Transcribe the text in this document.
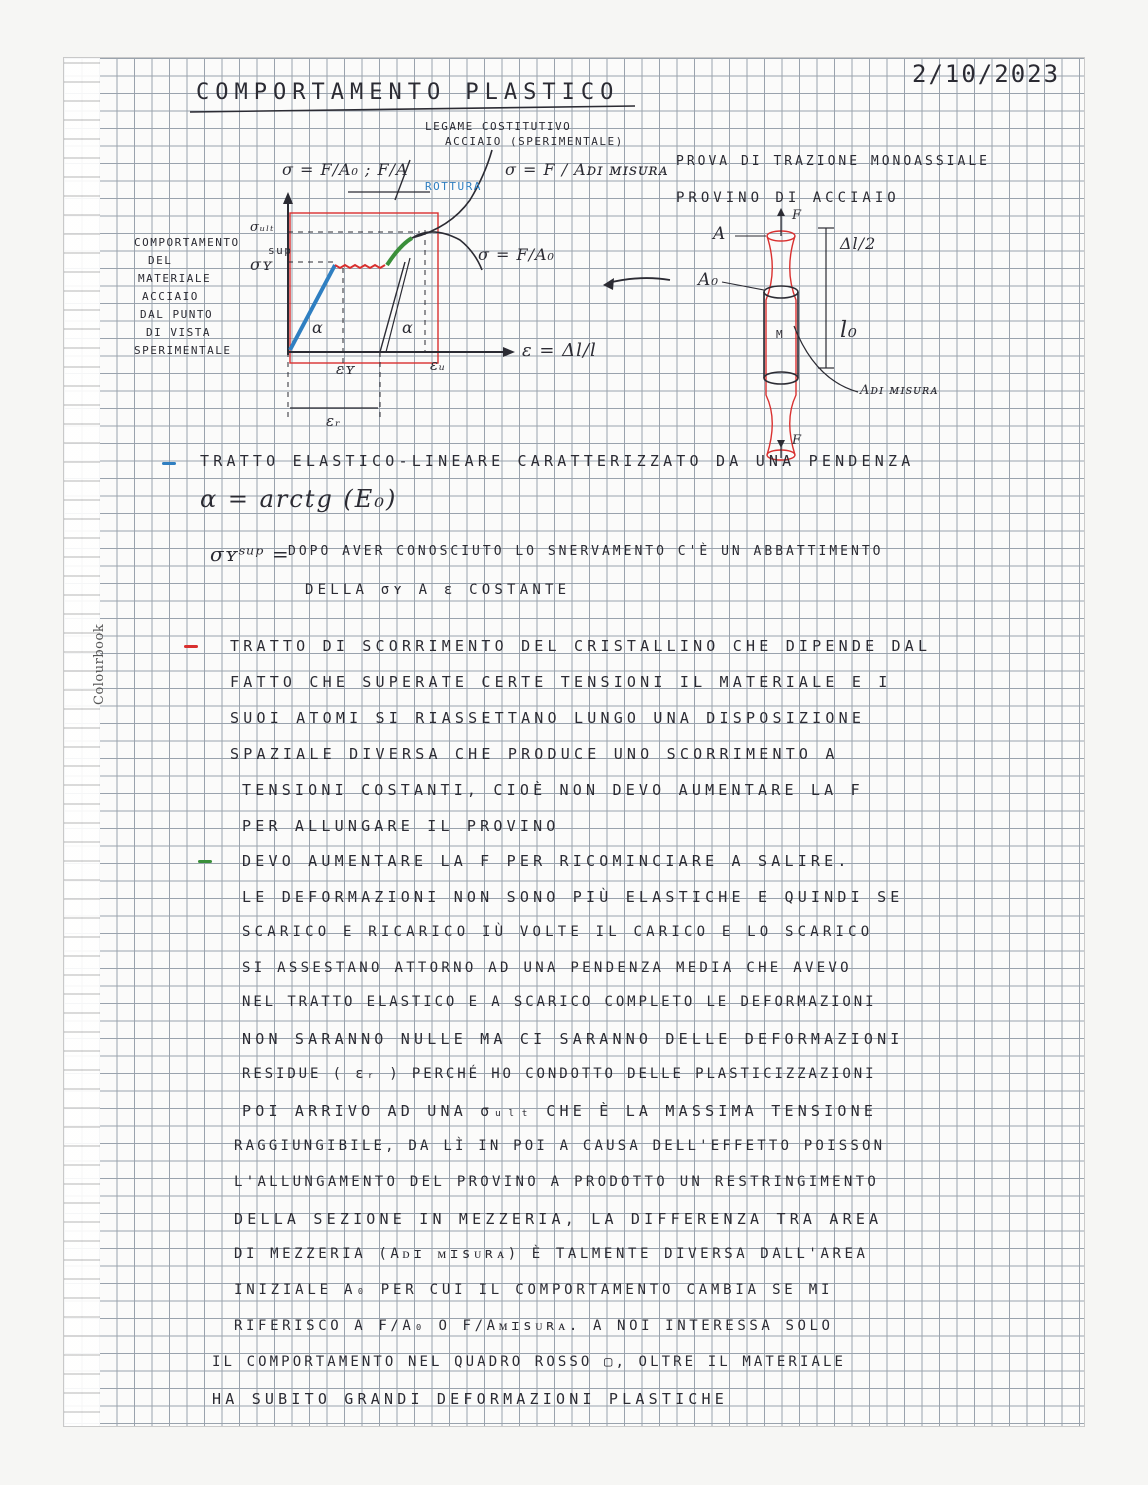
Colourbook
COMPORTAMENTO PLASTICO
2/10/2023
LEGAME COSTITUTIVO
ACCIAIO (SPERIMENTALE)
σ = F/A₀ ; F/A
ROTTURA
σ = F / Aᴅɪ ᴍɪsᴜʀᴀ
σ = F/A₀
σᵤₗₜ
σʏ
sup
εʏ	εᵤ
εᵣ
ε = Δl/l
α	α
COMPORTAMENTO
DEL
MATERIALE
ACCIAIO
DAL PUNTO
DI VISTA
SPERIMENTALE
PROVA DI TRAZIONE MONOASSIALE
PROVINO DI ACCIAIO
F
F
A
A₀
Δl/2
l₀
M
Aᴅɪ ᴍɪsᴜʀᴀ
TRATTO ELASTICO-LINEARE CARATTERIZZATO DA UNA PENDENZA
α = arctg (E₀)
σʏˢᵘᵖ =
DOPO AVER CONOSCIUTO LO SNERVAMENTO C'È UN ABBATTIMENTO
DELLA σʏ A ε COSTANTE
TRATTO DI SCORRIMENTO DEL CRISTALLINO CHE DIPENDE DAL
FATTO CHE SUPERATE CERTE TENSIONI IL MATERIALE E I
SUOI ATOMI SI RIASSETTANO LUNGO UNA DISPOSIZIONE
SPAZIALE DIVERSA CHE PRODUCE UNO SCORRIMENTO A
TENSIONI COSTANTI, CIOÈ NON DEVO AUMENTARE LA F
PER ALLUNGARE IL PROVINO
DEVO AUMENTARE LA F PER RICOMINCIARE A SALIRE.
LE DEFORMAZIONI NON SONO PIÙ ELASTICHE E QUINDI SE
SCARICO E RICARICO IÙ VOLTE IL CARICO E LO SCARICO
SI ASSESTANO ATTORNO AD UNA PENDENZA MEDIA CHE AVEVO
NEL TRATTO ELASTICO E A SCARICO COMPLETO LE DEFORMAZIONI
NON SARANNO NULLE MA CI SARANNO DELLE DEFORMAZIONI
RESIDUE ( εᵣ ) PERCHÉ HO CONDOTTO DELLE PLASTICIZZAZIONI
POI ARRIVO AD UNA σᵤₗₜ CHE È LA MASSIMA TENSIONE
RAGGIUNGIBILE, DA LÌ IN POI A CAUSA DELL'EFFETTO POISSON
L'ALLUNGAMENTO DEL PROVINO A PRODOTTO UN RESTRINGIMENTO
DELLA SEZIONE IN MEZZERIA, LA DIFFERENZA TRA AREA
DI MEZZERIA (Aᴅɪ ᴍɪsᴜʀᴀ) È TALMENTE DIVERSA DALL'AREA
INIZIALE A₀ PER CUI IL COMPORTAMENTO CAMBIA SE MI
RIFERISCO A F/A₀ O F/Aᴍɪsᴜʀᴀ. A NOI INTERESSA SOLO
IL COMPORTAMENTO NEL QUADRO ROSSO ▢, OLTRE IL MATERIALE
HA SUBITO GRANDI DEFORMAZIONI PLASTICHE
